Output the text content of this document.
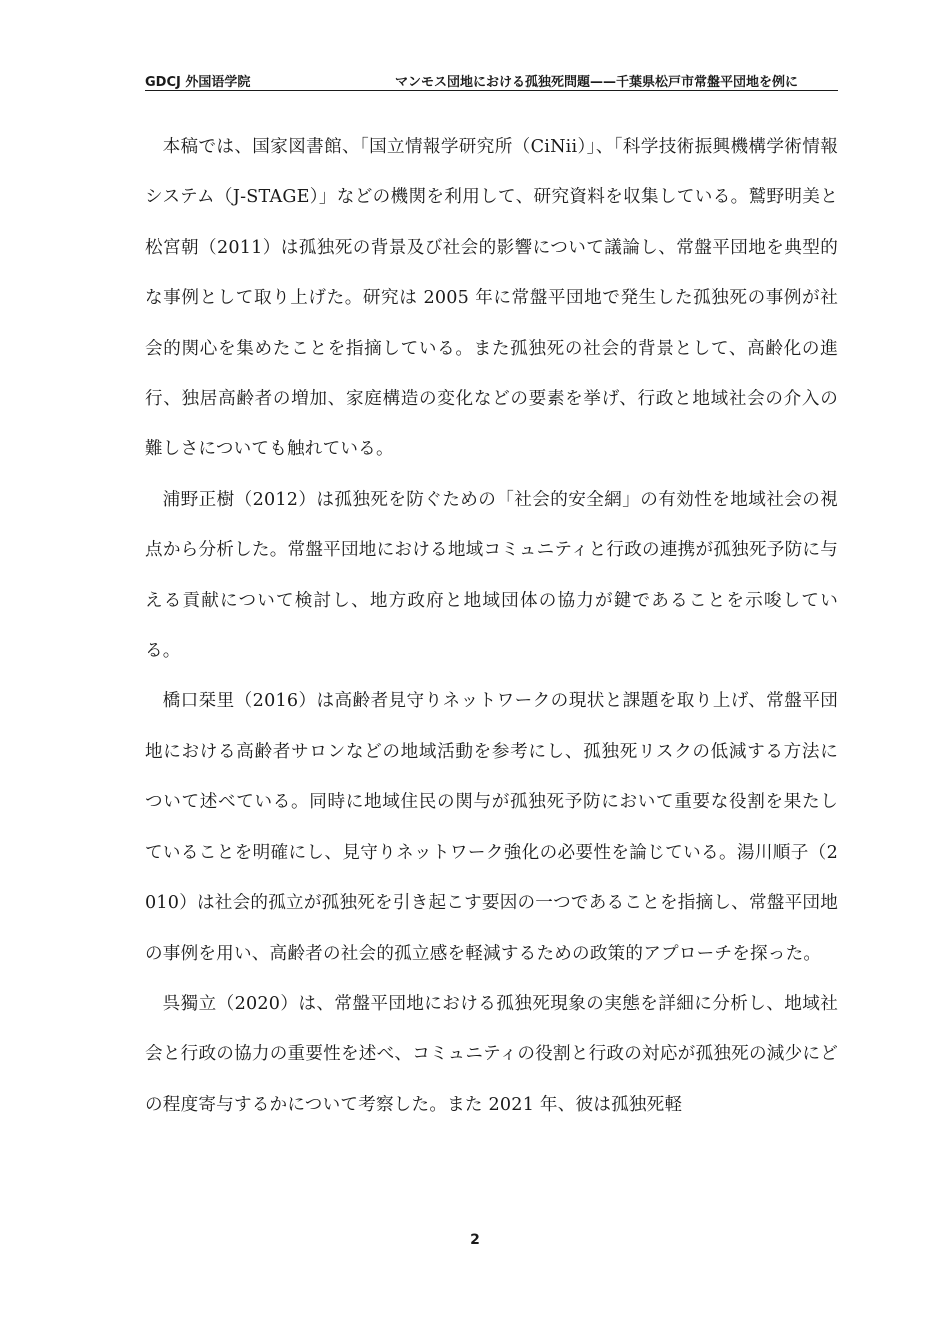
GDCJ 外国语学院	マンモス団地における孤独死問題——千葉県松戸市常盤平団地を例に

本稿では、国家図書館、「国立情報学研究所（CiNii）」、「科学技術振興機構学術情報システム（J-STAGE）」などの機関を利用して、研究資料を収集している。鷲野明美と松宮朝（2011）は孤独死の背景及び社会的影響について議論し、常盤平団地を典型的な事例として取り上げた。研究は 2005 年に常盤平団地で発生した孤独死の事例が社会的関心を集めたことを指摘している。また孤独死の社会的背景として、高齢化の進行、独居高齢者の増加、家庭構造の変化などの要素を挙げ、行政と地域社会の介入の難しさについても触れている。

浦野正樹（2012）は孤独死を防ぐための「社会的安全網」の有効性を地域社会の視点から分析した。常盤平団地における地域コミュニティと行政の連携が孤独死予防に与える貢献について検討し、地方政府と地域団体の協力が鍵であることを示唆している。

橋口栞里（2016）は高齢者見守りネットワークの現状と課題を取り上げ、常盤平団地における高齢者サロンなどの地域活動を参考にし、孤独死リスクの低減する方法について述べている。同時に地域住民の関与が孤独死予防において重要な役割を果たしていることを明確にし、見守りネットワーク強化の必要性を論じている。湯川順子（2010）は社会的孤立が孤独死を引き起こす要因の一つであることを指摘し、常盤平団地の事例を用い、高齢者の社会的孤立感を軽減するための政策的アプローチを探った。

呉獨立（2020）は、常盤平団地における孤独死現象の実態を詳細に分析し、地域社会と行政の協力の重要性を述べ、コミュニティの役割と行政の対応が孤独死の減少にどの程度寄与するかについて考察した。また 2021 年、彼は孤独死軽

2
